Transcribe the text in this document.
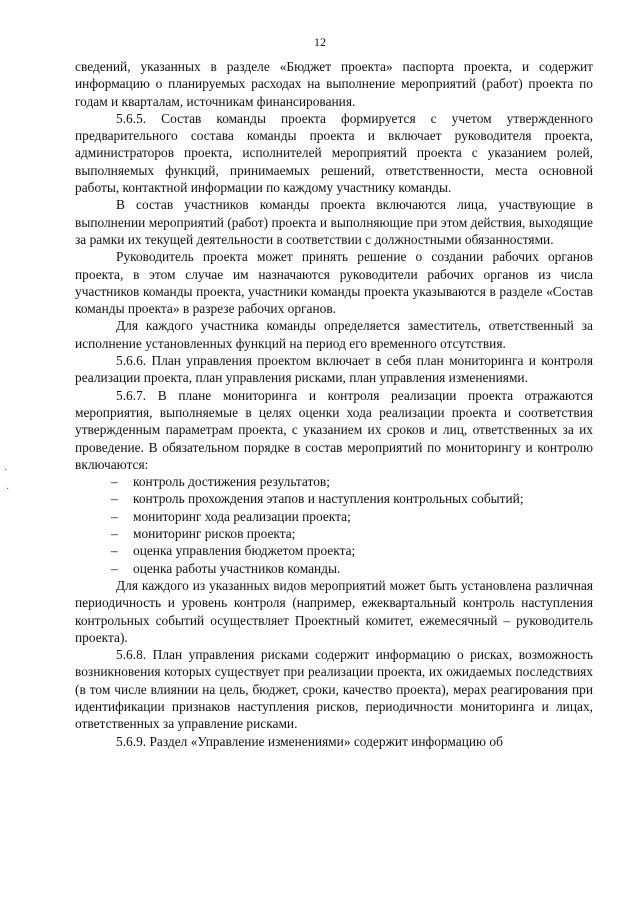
12

сведений, указанных в разделе «Бюджет проекта» паспорта проекта, и содержит информацию о планируемых расходах на выполнение мероприятий (работ) проекта по годам и кварталам, источникам финансирования.

5.6.5. Состав команды проекта формируется с учетом утвержденного предварительного состава команды проекта и включает руководителя проекта, администраторов проекта, исполнителей мероприятий проекта с указанием ролей, выполняемых функций, принимаемых решений, ответственности, места основной работы, контактной информации по каждому участнику команды.

В состав участников команды проекта включаются лица, участвующие в выполнении мероприятий (работ) проекта и выполняющие при этом действия, выходящие за рамки их текущей деятельности в соответствии с должностными обязанностями.

Руководитель проекта может принять решение о создании рабочих органов проекта, в этом случае им назначаются руководители рабочих органов из числа участников команды проекта, участники команды проекта указываются в разделе «Состав команды проекта» в разрезе рабочих органов.

Для каждого участника команды определяется заместитель, ответственный за исполнение установленных функций на период его временного отсутствия.

5.6.6. План управления проектом включает в себя план мониторинга и контроля реализации проекта, план управления рисками, план управления изменениями.

5.6.7. В плане мониторинга и контроля реализации проекта отражаются мероприятия, выполняемые в целях оценки хода реализации проекта и соответствия утвержденным параметрам проекта, с указанием их сроков и лиц, ответственных за их проведение. В обязательном порядке в состав мероприятий по мониторингу и контролю включаются:

– контроль достижения результатов;
– контроль прохождения этапов и наступления контрольных событий;
– мониторинг хода реализации проекта;
– мониторинг рисков проекта;
– оценка управления бюджетом проекта;
– оценка работы участников команды.

Для каждого из указанных видов мероприятий может быть установлена различная периодичность и уровень контроля (например, ежеквартальный контроль наступления контрольных событий осуществляет Проектный комитет, ежемесячный – руководитель проекта).

5.6.8. План управления рисками содержит информацию о рисках, возможность возникновения которых существует при реализации проекта, их ожидаемых последствиях (в том числе влиянии на цель, бюджет, сроки, качество проекта), мерах реагирования при идентификации признаков наступления рисков, периодичности мониторинга и лицах, ответственных за управление рисками.

5.6.9. Раздел «Управление изменениями» содержит информацию об

·
·
